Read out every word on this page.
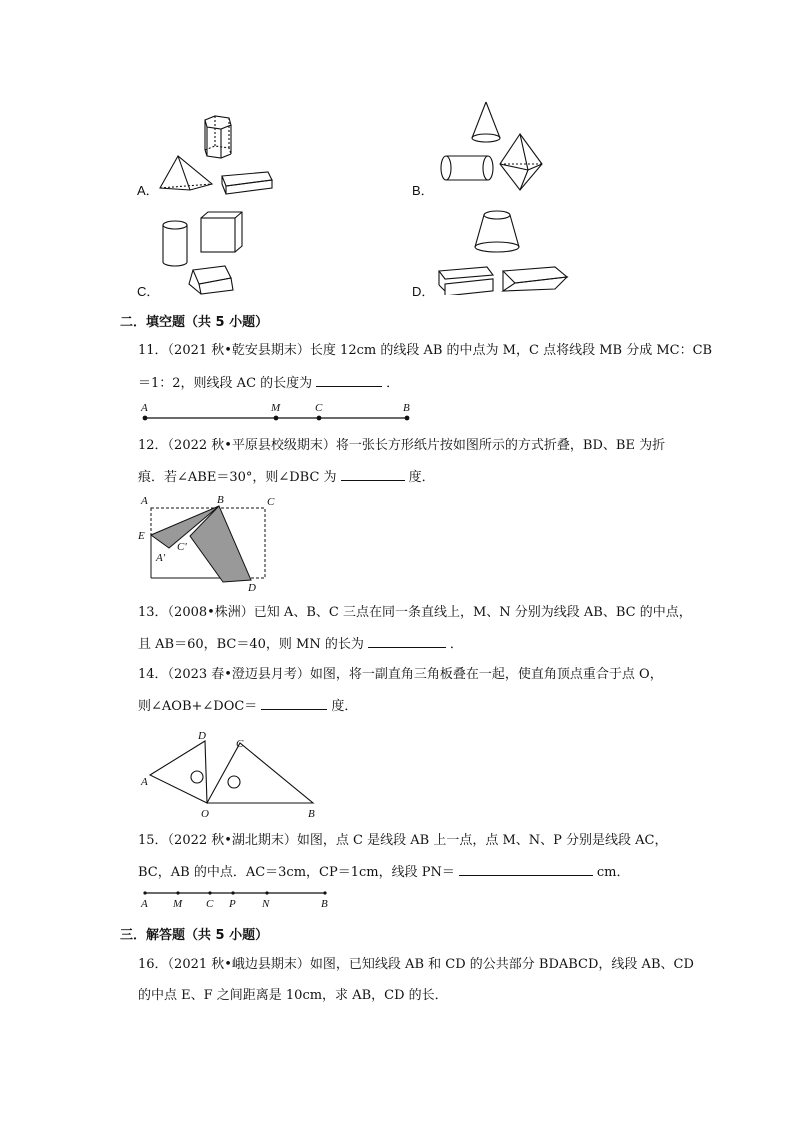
A．	B．
C．	D．
二．填空题（共 5 小题）
11．（2021 秋•乾安县期末）长度 12cm 的线段 AB 的中点为 M，C 点将线段 MB 分成 MC：CB
＝1：2，则线段 AC 的长度为	．
A	M	C	B
12．（2022 秋•平原县校级期末）将一张长方形纸片按如图所示的方式折叠，BD、BE 为折
痕．若∠ABE＝30°，则∠DBC 为	度．
A	B	C
E
C'
A'
D
13．（2008•株洲）已知 A、B、C 三点在同一条直线上，M、N 分别为线段 AB、BC 的中点，
且 AB＝60，BC＝40，则 MN 的长为	．
14．（2023 春•澄迈县月考）如图，将一副直角三角板叠在一起，使直角顶点重合于点 O，
则∠AOB+∠DOC＝	度．
D
C
A
O	B
15．（2022 秋•湖北期末）如图，点 C 是线段 AB 上一点，点 M、N、P 分别是线段 AC，
BC，AB 的中点．AC＝3cm，CP＝1cm，线段 PN＝	cm．
A M C P N	B
三．解答题（共 5 小题）
16．（2021 秋•峨边县期末）如图，已知线段 AB 和 CD 的公共部分 BDABCD，线段 AB、CD
的中点 E、F 之间距离是 10cm，求 AB，CD 的长．
